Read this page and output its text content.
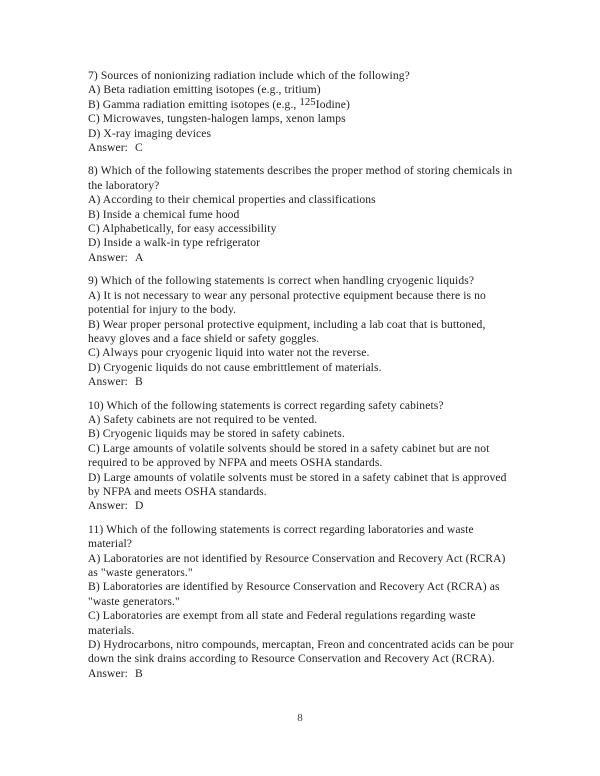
7) Sources of nonionizing radiation include which of the following?

A) Beta radiation emitting isotopes (e.g., tritium)

B) Gamma radiation emitting isotopes (e.g., 125Iodine)

C) Microwaves, tungsten-halogen lamps, xenon lamps

D) X-ray imaging devices

Answer: C

8) Which of the following statements describes the proper method of storing chemicals in the laboratory?

A) According to their chemical properties and classifications

B) Inside a chemical fume hood

C) Alphabetically, for easy accessibility

D) Inside a walk-in type refrigerator

Answer: A

9) Which of the following statements is correct when handling cryogenic liquids?

A) It is not necessary to wear any personal protective equipment because there is no potential for injury to the body.

B) Wear proper personal protective equipment, including a lab coat that is buttoned, heavy gloves and a face shield or safety goggles.

C) Always pour cryogenic liquid into water not the reverse.

D) Cryogenic liquids do not cause embrittlement of materials.

Answer: B

10) Which of the following statements is correct regarding safety cabinets?

A) Safety cabinets are not required to be vented.

B) Cryogenic liquids may be stored in safety cabinets.

C) Large amounts of volatile solvents should be stored in a safety cabinet but are not required to be approved by NFPA and meets OSHA standards.

D) Large amounts of volatile solvents must be stored in a safety cabinet that is approved by NFPA and meets OSHA standards.

Answer: D

11) Which of the following statements is correct regarding laboratories and waste material?

A) Laboratories are not identified by Resource Conservation and Recovery Act (RCRA) as "waste generators."

B) Laboratories are identified by Resource Conservation and Recovery Act (RCRA) as "waste generators."

C) Laboratories are exempt from all state and Federal regulations regarding waste materials.

D) Hydrocarbons, nitro compounds, mercaptan, Freon and concentrated acids can be pour down the sink drains according to Resource Conservation and Recovery Act (RCRA).

Answer: B

8
